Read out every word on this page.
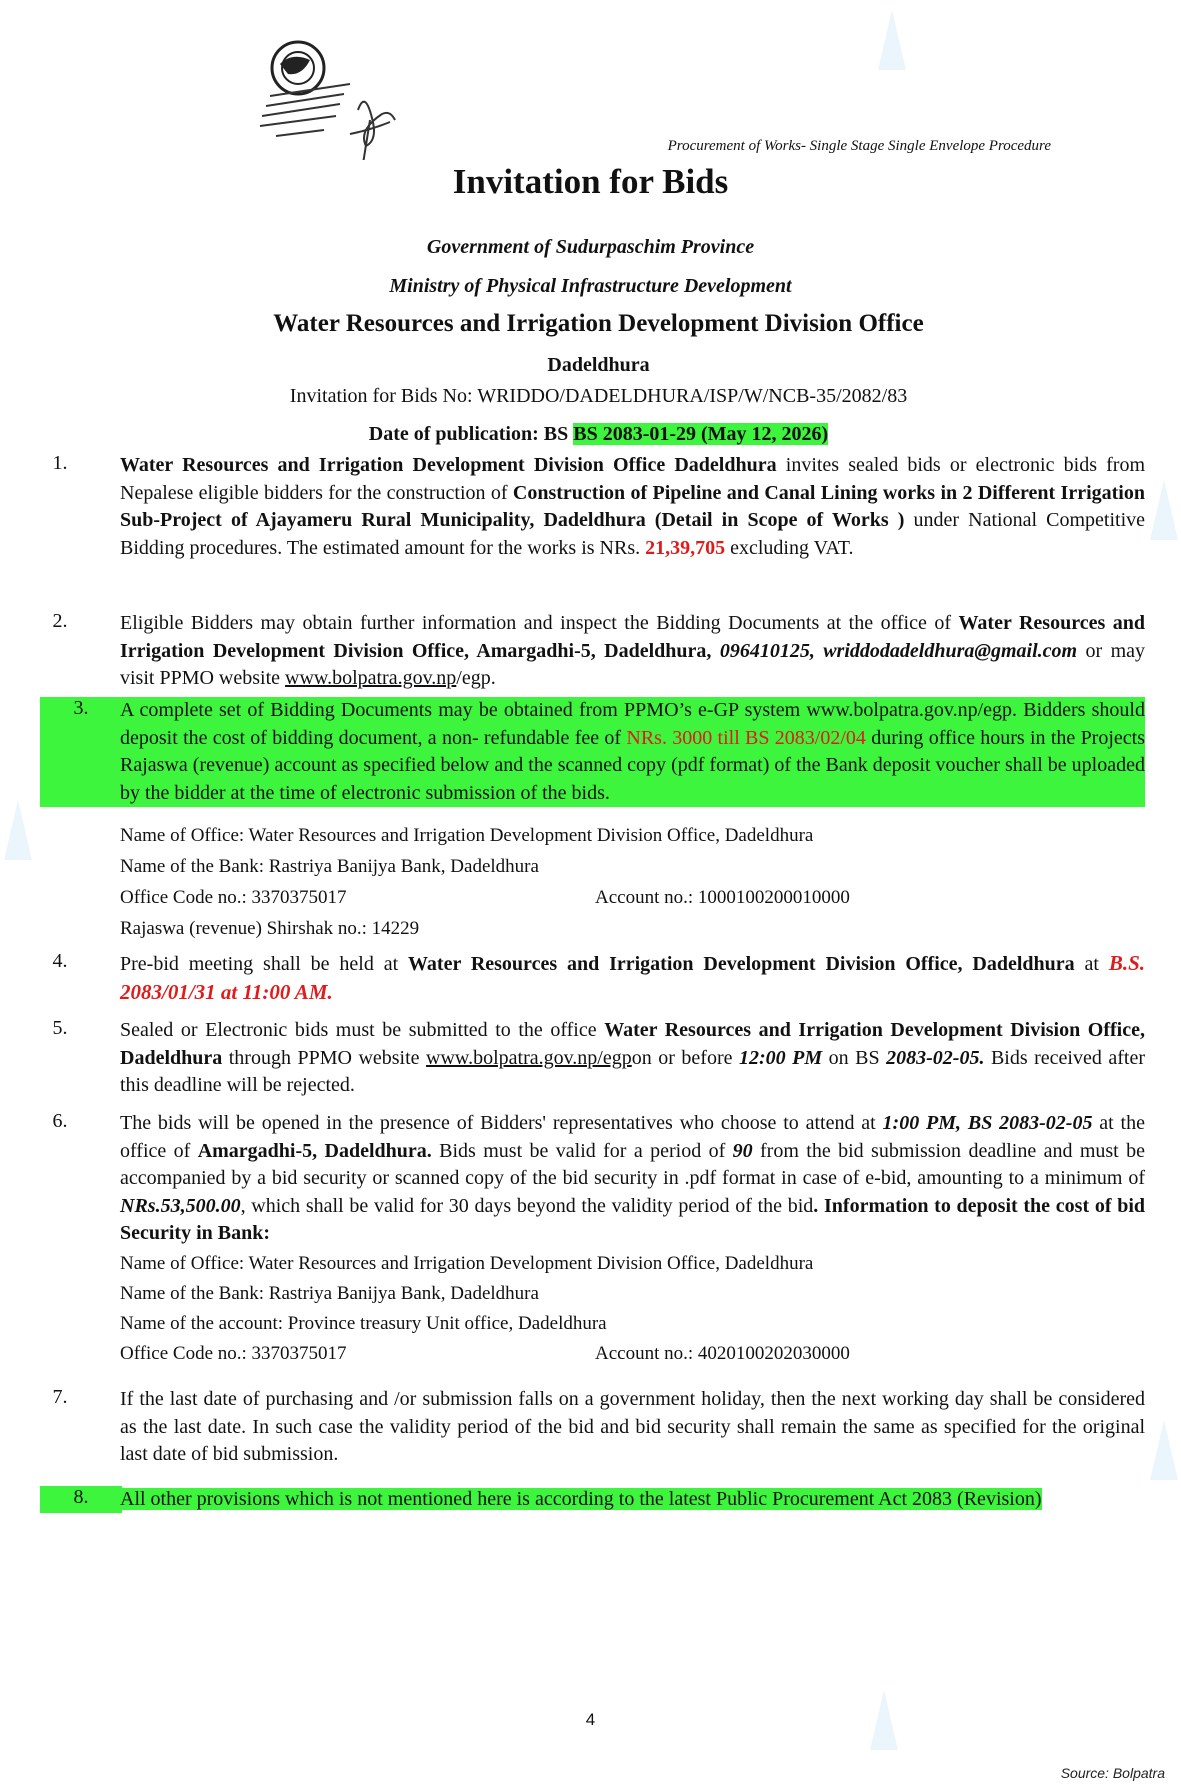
Procurement of Works- Single Stage Single Envelope Procedure
Invitation for Bids
Government of Sudurpaschim Province
Ministry of Physical Infrastructure Development
Water Resources and Irrigation Development Division Office
Dadeldhura
Invitation for Bids No: WRIDDO/DADELDHURA/ISP/W/NCB-35/2082/83
Date of publication: BS BS 2083-01-29 (May 12, 2026)
1.	Water Resources and Irrigation Development Division Office Dadeldhura invites sealed bids or electronic bids from Nepalese eligible bidders for the construction of Construction of Pipeline and Canal Lining works in 2 Different Irrigation Sub-Project of Ajayameru Rural Municipality, Dadeldhura (Detail in Scope of Works ) under National Competitive Bidding procedures. The estimated amount for the works is NRs. 21,39,705 excluding VAT.
2.	Eligible Bidders may obtain further information and inspect the Bidding Documents at the office of Water Resources and Irrigation Development Division Office, Amargadhi-5, Dadeldhura, 096410125, wriddodadeldhura@gmail.com or may visit PPMO website www.bolpatra.gov.np/egp.
3.	A complete set of Bidding Documents may be obtained from PPMO’s e-GP system www.bolpatra.gov.np/egp. Bidders should deposit the cost of bidding document, a non- refundable fee of NRs. 3000 till BS 2083/02/04 during office hours in the Projects Rajaswa (revenue) account as specified below and the scanned copy (pdf format) of the Bank deposit voucher shall be uploaded by the bidder at the time of electronic submission of the bids.
Name of Office: Water Resources and Irrigation Development Division Office, Dadeldhura
Name of the Bank: Rastriya Banijya Bank, Dadeldhura
Office Code no.: 3370375017	Account no.: 1000100200010000
Rajaswa (revenue) Shirshak no.: 14229
4.	Pre-bid meeting shall be held at Water Resources and Irrigation Development Division Office, Dadeldhura at B.S. 2083/01/31 at 11:00 AM.
5.	Sealed or Electronic bids must be submitted to the office Water Resources and Irrigation Development Division Office, Dadeldhura through PPMO website www.bolpatra.gov.np/egpon or before 12:00 PM on BS 2083-02-05. Bids received after this deadline will be rejected.
6.	The bids will be opened in the presence of Bidders' representatives who choose to attend at 1:00 PM, BS 2083-02-05 at the office of Amargadhi-5, Dadeldhura. Bids must be valid for a period of 90 from the bid submission deadline and must be accompanied by a bid security or scanned copy of the bid security in .pdf format in case of e-bid, amounting to a minimum of NRs.53,500.00, which shall be valid for 30 days beyond the validity period of the bid. Information to deposit the cost of bid Security in Bank:
Name of Office: Water Resources and Irrigation Development Division Office, Dadeldhura
Name of the Bank: Rastriya Banijya Bank, Dadeldhura
Name of the account: Province treasury Unit office, Dadeldhura
Office Code no.: 3370375017	Account no.: 4020100202030000
7.	If the last date of purchasing and /or submission falls on a government holiday, then the next working day shall be considered as the last date. In such case the validity period of the bid and bid security shall remain the same as specified for the original last date of bid submission.
8.	All other provisions which is not mentioned here is according to the latest Public Procurement Act 2083 (Revision)
4
Source: Bolpatra
